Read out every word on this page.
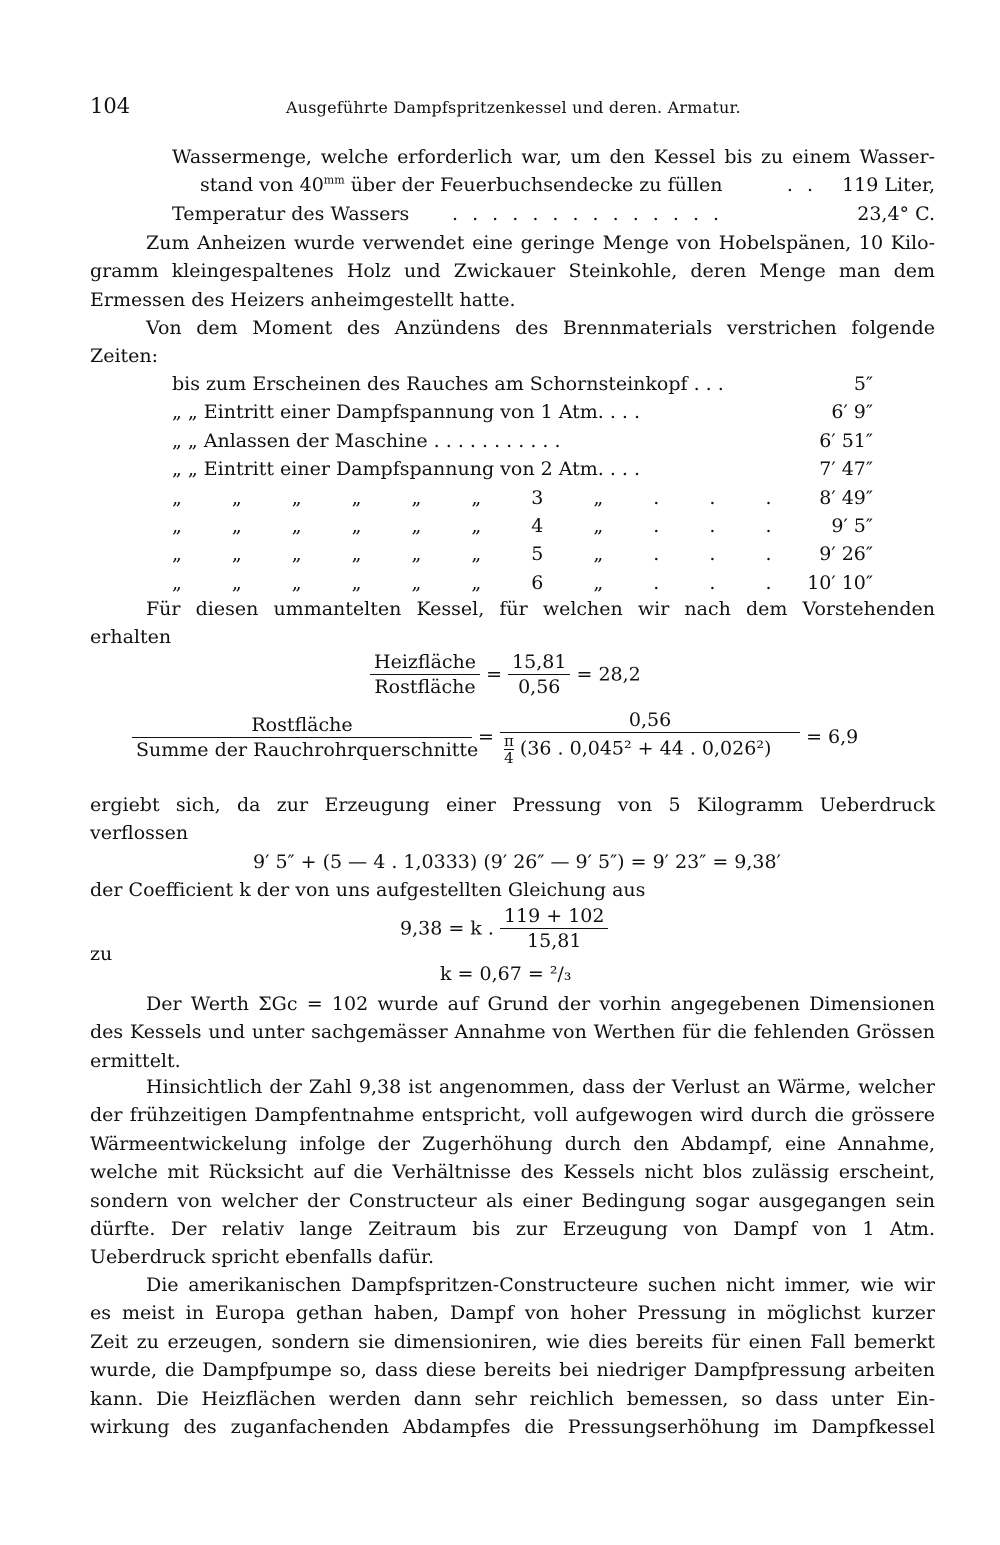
104	Ausgeführte Dampfspritzenkessel und deren. Armatur.
Wassermenge, welche erforderlich war, um den Kessel bis zu einem Wasser-
stand von $40^{mm}$ über der Feuerbuchsendecke zu füllen	. . 119 Liter,
Temperatur des Wassers . . . . . . . . . . . . . .	23,4° C.
Zum Anheizen wurde verwendet eine geringe Menge von Hobelspänen, 10 Kilo-
gramm kleingespaltenes Holz und Zwickauer Steinkohle, deren Menge man dem
Ermessen des Heizers anheimgestellt hatte.
Von dem Moment des Anzündens des Brennmaterials verstrichen folgende
Zeiten:
bis zum Erscheinen des Rauches am Schornsteinkopf . . .	5″
„ „ Eintritt einer Dampfspannung von 1 Atm. . . .	6′ 9″
„ „ Anlassen der Maschine . . . . . . . . . . .	6′ 51″
„ „ Eintritt einer Dampfspannung von 2 Atm. . . .	7′ 47″
„ „ „ „ „ „ 3 „ . . .	8′ 49″
„ „ „ „ „ „ 4 „ . . .	9′ 5″
„ „ „ „ „ „ 5 „ . . .	9′ 26″
„ „ „ „ „ „ 6 „ . . . 10′ 10″
Für diesen ummantelten Kessel, für welchen wir nach dem Vorstehenden
erhalten
$\frac{\text{Heizfläche}}{\text{Rostfläche}} = \frac{15,81}{0,56} = 28,2$
$\frac{\text{Rostfläche}}{\text{Summe der Rauchrohrquerschnitte}} = \frac{0,56}{\frac{\pi}{4} (36 . 0,045^2 + 44 . 0,026^2)} = 6,9$
ergiebt sich, da zur Erzeugung einer Pressung von 5 Kilogramm Ueberdruck
verflossen
9′ 5″ + (5 — 4 . 1,0333) (9′ 26″ — 9′ 5″) = 9′ 23″ = 9,38′
der Coefficient k der von uns aufgestellten Gleichung aus
9,38 = k . $\frac{119 + 102}{15,81}$
zu
k = 0,67 = ²/₃
Der Werth ΣGc = 102 wurde auf Grund der vorhin angegebenen Dimensionen
des Kessels und unter sachgemässer Annahme von Werthen für die fehlenden Grössen
ermittelt.
Hinsichtlich der Zahl 9,38 ist angenommen, dass der Verlust an Wärme, welcher
der frühzeitigen Dampfentnahme entspricht, voll aufgewogen wird durch die grössere
Wärmeentwickelung infolge der Zugerhöhung durch den Abdampf, eine Annahme,
welche mit Rücksicht auf die Verhältnisse des Kessels nicht blos zulässig erscheint,
sondern von welcher der Constructeur als einer Bedingung sogar ausgegangen sein
dürfte. Der relativ lange Zeitraum bis zur Erzeugung von Dampf von 1 Atm.
Ueberdruck spricht ebenfalls dafür.
Die amerikanischen Dampfspritzen-Constructeure suchen nicht immer, wie wir
es meist in Europa gethan haben, Dampf von hoher Pressung in möglichst kurzer
Zeit zu erzeugen, sondern sie dimensioniren, wie dies bereits für einen Fall bemerkt
wurde, die Dampfpumpe so, dass diese bereits bei niedriger Dampfpressung arbeiten
kann. Die Heizflächen werden dann sehr reichlich bemessen, so dass unter Ein-
wirkung des zuganfachenden Abdampfes die Pressungserhöhung im Dampfkessel
